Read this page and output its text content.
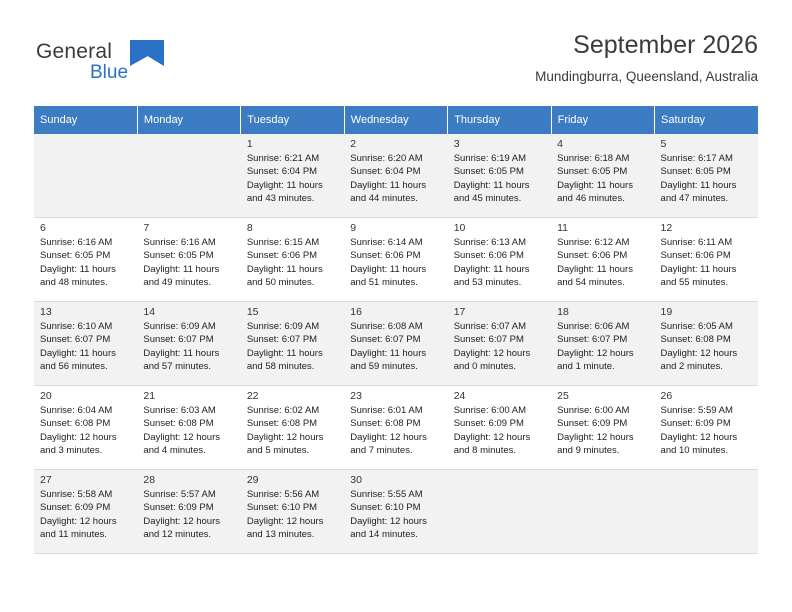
General
Blue
September 2026
Mundingburra, Queensland, Australia
Sunday	Monday	Tuesday	Wednesday	Thursday	Friday	Saturday

		1
Sunrise: 6:21 AM
Sunset: 6:04 PM
Daylight: 11 hours
and 43 minutes.	2
Sunrise: 6:20 AM
Sunset: 6:04 PM
Daylight: 11 hours
and 44 minutes.	3
Sunrise: 6:19 AM
Sunset: 6:05 PM
Daylight: 11 hours
and 45 minutes.	4
Sunrise: 6:18 AM
Sunset: 6:05 PM
Daylight: 11 hours
and 46 minutes.	5
Sunrise: 6:17 AM
Sunset: 6:05 PM
Daylight: 11 hours
and 47 minutes.

6
Sunrise: 6:16 AM
Sunset: 6:05 PM
Daylight: 11 hours
and 48 minutes.	7
Sunrise: 6:16 AM
Sunset: 6:05 PM
Daylight: 11 hours
and 49 minutes.	8
Sunrise: 6:15 AM
Sunset: 6:06 PM
Daylight: 11 hours
and 50 minutes.	9
Sunrise: 6:14 AM
Sunset: 6:06 PM
Daylight: 11 hours
and 51 minutes.	10
Sunrise: 6:13 AM
Sunset: 6:06 PM
Daylight: 11 hours
and 53 minutes.	11
Sunrise: 6:12 AM
Sunset: 6:06 PM
Daylight: 11 hours
and 54 minutes.	12
Sunrise: 6:11 AM
Sunset: 6:06 PM
Daylight: 11 hours
and 55 minutes.

13
Sunrise: 6:10 AM
Sunset: 6:07 PM
Daylight: 11 hours
and 56 minutes.	14
Sunrise: 6:09 AM
Sunset: 6:07 PM
Daylight: 11 hours
and 57 minutes.	15
Sunrise: 6:09 AM
Sunset: 6:07 PM
Daylight: 11 hours
and 58 minutes.	16
Sunrise: 6:08 AM
Sunset: 6:07 PM
Daylight: 11 hours
and 59 minutes.	17
Sunrise: 6:07 AM
Sunset: 6:07 PM
Daylight: 12 hours
and 0 minutes.	18
Sunrise: 6:06 AM
Sunset: 6:07 PM
Daylight: 12 hours
and 1 minute.	19
Sunrise: 6:05 AM
Sunset: 6:08 PM
Daylight: 12 hours
and 2 minutes.

20
Sunrise: 6:04 AM
Sunset: 6:08 PM
Daylight: 12 hours
and 3 minutes.	21
Sunrise: 6:03 AM
Sunset: 6:08 PM
Daylight: 12 hours
and 4 minutes.	22
Sunrise: 6:02 AM
Sunset: 6:08 PM
Daylight: 12 hours
and 5 minutes.	23
Sunrise: 6:01 AM
Sunset: 6:08 PM
Daylight: 12 hours
and 7 minutes.	24
Sunrise: 6:00 AM
Sunset: 6:09 PM
Daylight: 12 hours
and 8 minutes.	25
Sunrise: 6:00 AM
Sunset: 6:09 PM
Daylight: 12 hours
and 9 minutes.	26
Sunrise: 5:59 AM
Sunset: 6:09 PM
Daylight: 12 hours
and 10 minutes.

27
Sunrise: 5:58 AM
Sunset: 6:09 PM
Daylight: 12 hours
and 11 minutes.	28
Sunrise: 5:57 AM
Sunset: 6:09 PM
Daylight: 12 hours
and 12 minutes.	29
Sunrise: 5:56 AM
Sunset: 6:10 PM
Daylight: 12 hours
and 13 minutes.	30
Sunrise: 5:55 AM
Sunset: 6:10 PM
Daylight: 12 hours
and 14 minutes.			
